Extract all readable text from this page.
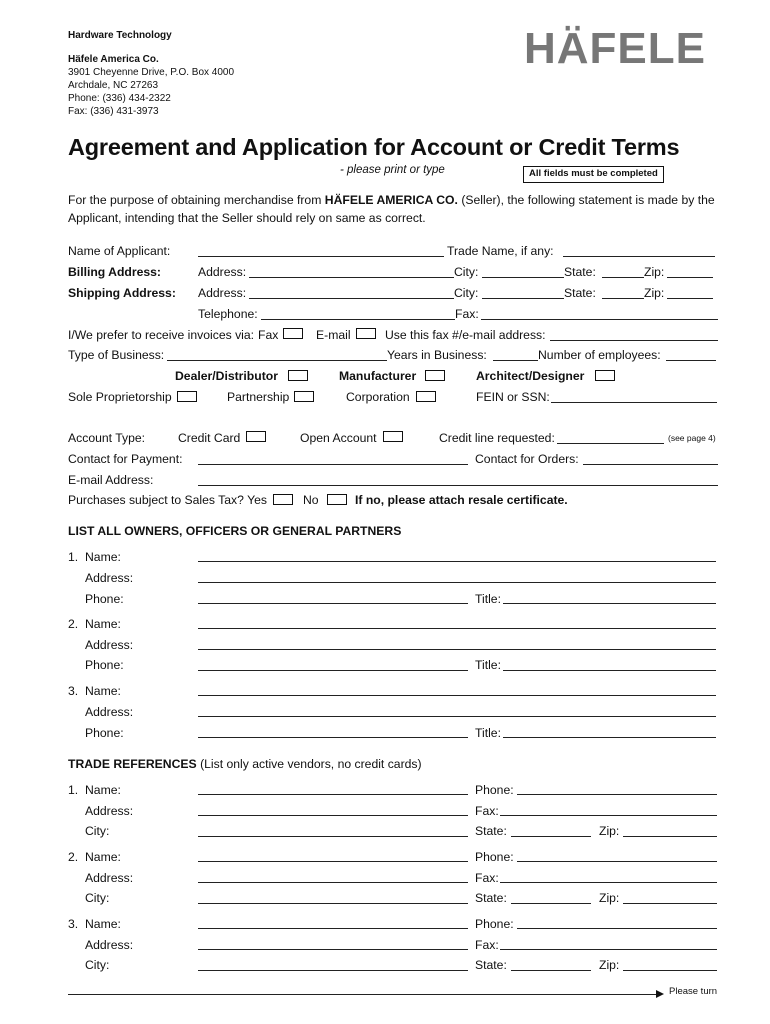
Hardware Technology
Häfele America Co.
3901 Cheyenne Drive, P.O. Box 4000
Archdale, NC 27263
Phone: (336) 434-2322
Fax: (336) 431-3973
HÄFELE
Agreement and Application for Account or Credit Terms
- please print or type	All fields must be completed
For the purpose of obtaining merchandise from HÄFELE AMERICA CO. (Seller), the following statement is made by the Applicant, intending that the Seller should rely on same as correct.
Name of Applicant:	Trade Name, if any:
Billing Address:	Address:	City:	State:	Zip:
Shipping Address: Address:	City:	State:	Zip:
Telephone:	Fax:
I/We prefer to receive invoices via: Fax	E-mail	Use this fax #/e-mail address:
Type of Business:	Years in Business:	Number of employees:
Dealer/Distributor	Manufacturer	Architect/Designer
Sole Proprietorship	Partnership	Corporation	FEIN or SSN:
Account Type:	Credit Card	Open Account	Credit line requested:	(see page 4)
Contact for Payment:	Contact for Orders:
E-mail Address:
Purchases subject to Sales Tax? Yes	No	If no, please attach resale certificate.
LIST ALL OWNERS, OFFICERS OR GENERAL PARTNERS
1. Name:
Address:
Phone:	Title:
2. Name:
Address:
Phone:	Title:
3. Name:
Address:
Phone:	Title:
TRADE REFERENCES (List only active vendors, no credit cards)
1. Name:	Phone:
Address:	Fax:
City:	State:	Zip:
2. Name:	Phone:
Address:	Fax:
City:	State:	Zip:
3. Name:	Phone:
Address:	Fax:
City:	State:	Zip:
Please turn
